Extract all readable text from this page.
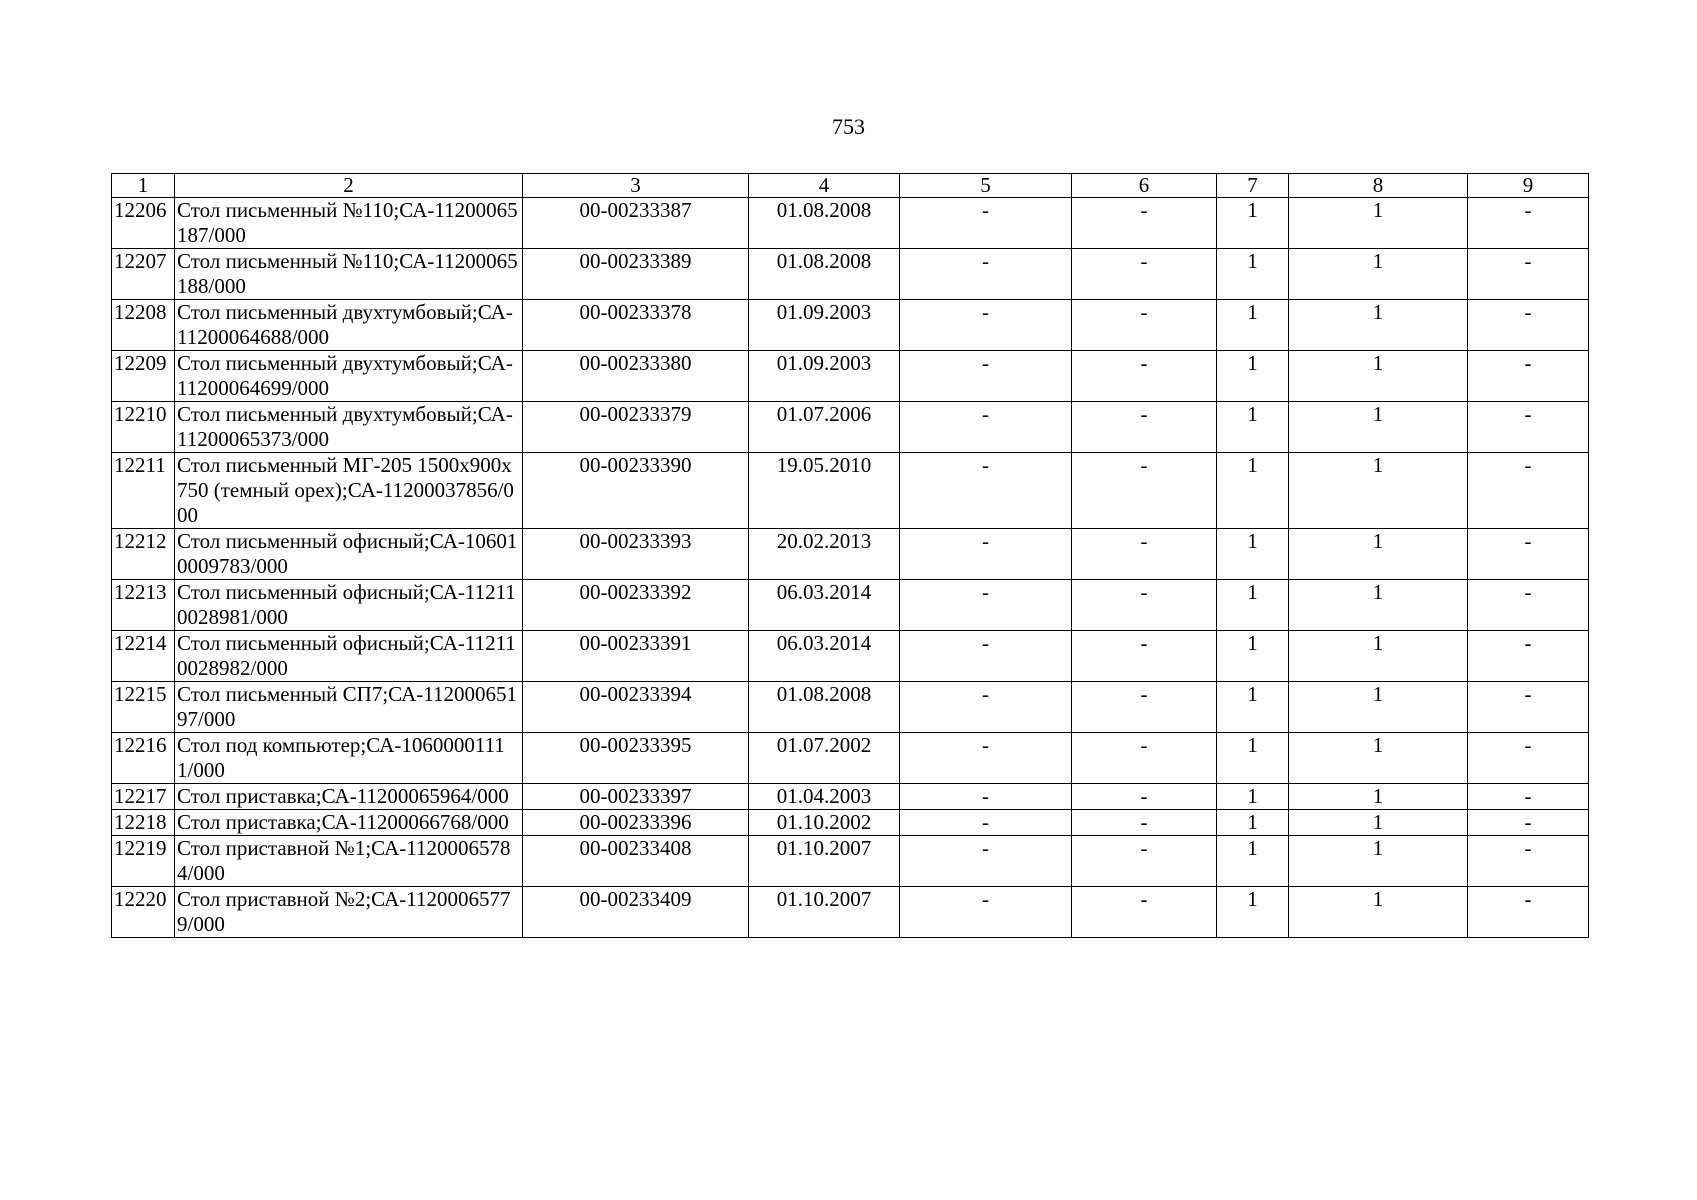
753
1	2	3	4	5	6	7	8	9
12206	Стол письменный №110;СА-11200065187/000	00-00233387	01.08.2008	-	-	1	1	-
12207	Стол письменный №110;СА-11200065188/000	00-00233389	01.08.2008	-	-	1	1	-
12208	Стол письменный двухтумбовый;СА-11200064688/000	00-00233378	01.09.2003	-	-	1	1	-
12209	Стол письменный двухтумбовый;СА-11200064699/000	00-00233380	01.09.2003	-	-	1	1	-
12210	Стол письменный двухтумбовый;СА-11200065373/000	00-00233379	01.07.2006	-	-	1	1	-
12211	Стол письменный МГ-205 1500х900х750 (темный орех);СА-11200037856/000	00-00233390	19.05.2010	-	-	1	1	-
12212	Стол письменный офисный;СА-106010009783/000	00-00233393	20.02.2013	-	-	1	1	-
12213	Стол письменный офисный;СА-112110028981/000	00-00233392	06.03.2014	-	-	1	1	-
12214	Стол письменный офисный;СА-112110028982/000	00-00233391	06.03.2014	-	-	1	1	-
12215	Стол письменный СП7;СА-11200065197/000	00-00233394	01.08.2008	-	-	1	1	-
12216	Стол под компьютер;СА-10600001111/000	00-00233395	01.07.2002	-	-	1	1	-
12217	Стол приставка;СА-11200065964/000	00-00233397	01.04.2003	-	-	1	1	-
12218	Стол приставка;СА-11200066768/000	00-00233396	01.10.2002	-	-	1	1	-
12219	Стол приставной №1;СА-11200065784/000	00-00233408	01.10.2007	-	-	1	1	-
12220	Стол приставной №2;СА-11200065779/000	00-00233409	01.10.2007	-	-	1	1	-
